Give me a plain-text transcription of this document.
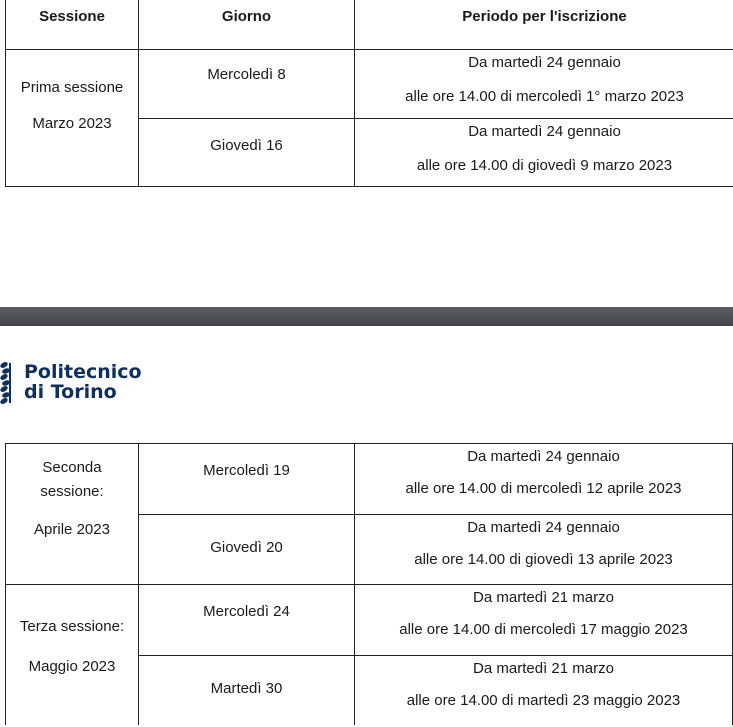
Sessione	Giorno	Periodo per l'iscrizione
Prima sessione
Marzo 2023
Mercoledì 8
Da martedì 24 gennaio
alle ore 14.00 di mercoledì 1° marzo 2023
Giovedì 16
Da martedì 24 gennaio
alle ore 14.00 di giovedì 9 marzo 2023
Politecnico
di Torino
Seconda
sessione:
Aprile 2023
Mercoledì 19
Da martedì 24 gennaio
alle ore 14.00 di mercoledì 12 aprile 2023
Giovedì 20
Da martedì 24 gennaio
alle ore 14.00 di giovedì 13 aprile 2023
Terza sessione:
Maggio 2023
Mercoledì 24
Da martedì 21 marzo
alle ore 14.00 di mercoledì 17 maggio 2023
Martedì 30
Da martedì 21 marzo
alle ore 14.00 di martedì 23 maggio 2023
